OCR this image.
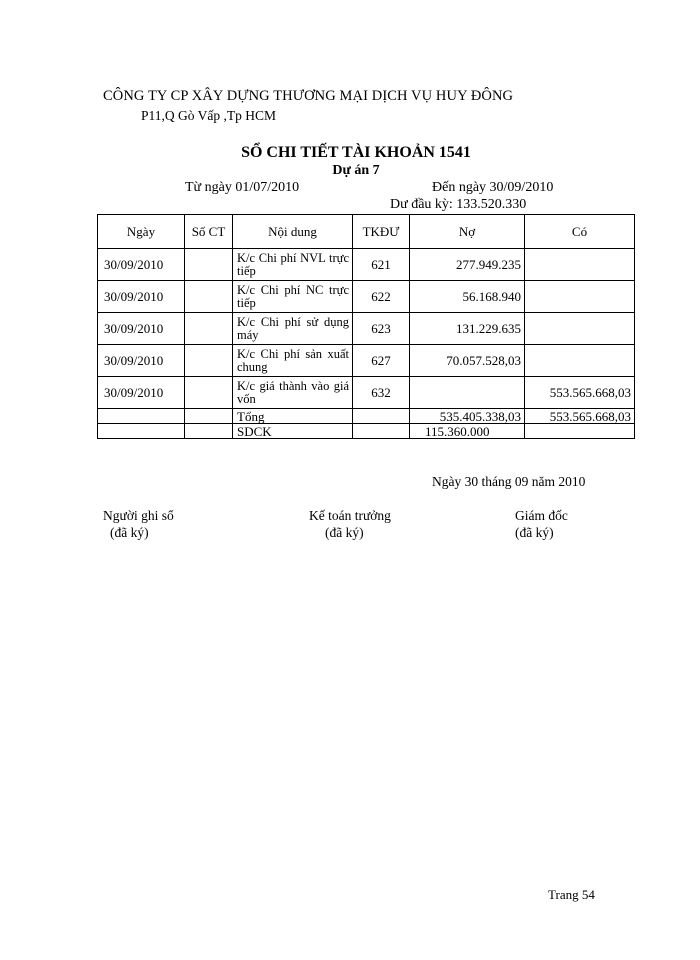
CÔNG TY CP XÂY DỰNG THƯƠNG MẠI DỊCH VỤ HUY ĐÔNG
P11,Q Gò Vấp ,Tp HCM
SỔ CHI TIẾT TÀI KHOẢN 1541
Dự án 7
Từ ngày 01/07/2010	Đến ngày 30/09/2010
Dư đầu kỳ: 133.520.330
Ngày	Số CT	Nội dung	TKĐƯ	Nợ	Có
30/09/2010		K/c Chi phí NVL trực tiếp	621	277.949.235	
30/09/2010		K/c Chi phí NC trực tiếp	622	56.168.940	
30/09/2010		K/c Chi phí sử dụng máy	623	131.229.635	
30/09/2010		K/c Chi phí sản xuất chung	627	70.057.528,03	
30/09/2010		K/c giá thành vào giá vốn	632		553.565.668,03
		Tổng		535.405.338,03	553.565.668,03
		SDCK		115.360.000	
Ngày 30 tháng 09 năm 2010
Người ghi sổ
(đã ký)
Kế toán trưởng
(đã ký)
Giám đốc
(đã ký)
Trang 54
